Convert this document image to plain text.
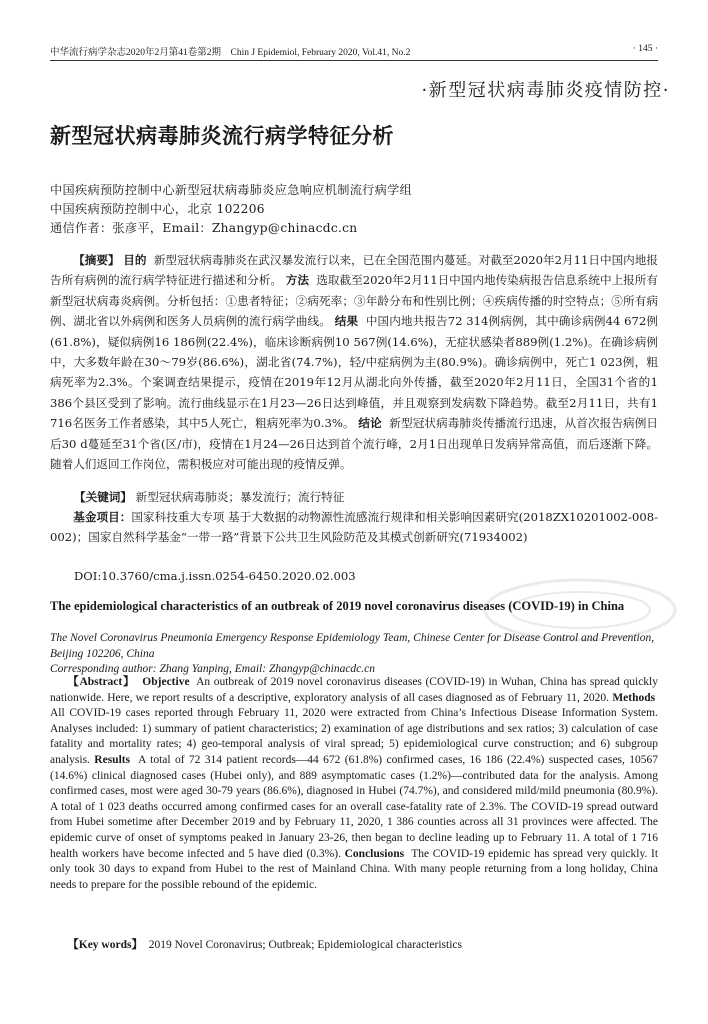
中华流行病学杂志2020年2月第41卷第2期　Chin J Epidemiol, February 2020, Vol.41, No.2	· 145 ·
·新型冠状病毒肺炎疫情防控·
新型冠状病毒肺炎流行病学特征分析
中国疾病预防控制中心新型冠状病毒肺炎应急响应机制流行病学组
中国疾病预防控制中心，北京 102206
通信作者：张彦平，Email：Zhangyp@chinacdc.cn

【摘要】 目的 新型冠状病毒肺炎在武汉暴发流行以来，已在全国范围内蔓延。对截至2020年2月11日中国内地报告所有病例的流行病学特征进行描述和分析。 方法 选取截至2020年2月11日中国内地传染病报告信息系统中上报所有新型冠状病毒炎病例。分析包括：①患者特征；②病死率；③年龄分布和性别比例；④疾病传播的时空特点；⑤所有病例、湖北省以外病例和医务人员病例的流行病学曲线。 结果 中国内地共报告72 314例病例，其中确诊病例44 672例(61.8%)，疑似病例16 186例(22.4%)，临床诊断病例10 567例(14.6%)，无症状感染者889例(1.2%)。在确诊病例中，大多数年龄在30～79岁(86.6%)，湖北省(74.7%)，轻/中症病例为主(80.9%)。确诊病例中，死亡1 023例，粗病死率为2.3%。个案调查结果提示，疫情在2019年12月从湖北向外传播，截至2020年2月11日，全国31个省的1 386个县区受到了影响。流行曲线显示在1月23—26日达到峰值，并且观察到发病数下降趋势。截至2月11日，共有1 716名医务工作者感染，其中5人死亡，粗病死率为0.3%。 结论 新型冠状病毒肺炎传播流行迅速，从首次报告病例日后30 d蔓延至31个省(区/市)，疫情在1月24—26日达到首个流行峰，2月1日出现单日发病异常高值，而后逐渐下降。随着人们返回工作岗位，需积极应对可能出现的疫情反弹。

【关键词】 新型冠状病毒肺炎；暴发流行；流行特征
基金项目：国家科技重大专项 基于大数据的动物源性流感流行规律和相关影响因素研究(2018ZX10201002-008-002)；国家自然科学基金“一带一路”背景下公共卫生风险防范及其模式创新研究(71934002)
DOI:10.3760/cma.j.issn.0254-6450.2020.02.003
The epidemiological characteristics of an outbreak of 2019 novel coronavirus diseases (COVID-19) in China
The Novel Coronavirus Pneumonia Emergency Response Epidemiology Team, Chinese Center for Disease Control and Prevention, Beijing 102206, China
Corresponding author: Zhang Yanping, Email: Zhangyp@chinacdc.cn

【Abstract】 Objective An outbreak of 2019 novel coronavirus diseases (COVID-19) in Wuhan, China has spread quickly nationwide. Here, we report results of a descriptive, exploratory analysis of all cases diagnosed as of February 11, 2020. Methods  All COVID-19 cases reported through February 11, 2020 were extracted from China’s Infectious Disease Information System. Analyses included: 1) summary of patient characteristics; 2) examination of age distributions and sex ratios; 3) calculation of case fatality and mortality rates; 4) geo-temporal analysis of viral spread; 5) epidemiological curve construction; and 6) subgroup analysis. Results A total of 72 314 patient records—44 672 (61.8%) confirmed cases, 16 186 (22.4%) suspected cases, 10567 (14.6%) clinical diagnosed cases (Hubei only), and 889 asymptomatic cases (1.2%)—contributed data for the analysis. Among confirmed cases, most were aged 30-79 years (86.6%), diagnosed in Hubei (74.7%), and considered mild/mild pneumonia (80.9%). A total of 1 023 deaths occurred among confirmed cases for an overall case-fatality rate of 2.3%. The COVID-19 spread outward from Hubei sometime after December 2019 and by February 11, 2020, 1 386 counties across all 31 provinces were affected. The epidemic curve of onset of symptoms peaked in January 23-26, then began to decline leading up to February 11. A total of 1 716 health workers have become infected and 5 have died (0.3%). Conclusions The COVID-19 epidemic has spread very quickly. It only took 30 days to expand from Hubei to the rest of Mainland China. With many people returning from a long holiday, China needs to prepare for the possible rebound of the epidemic.

【Key words】 2019 Novel Coronavirus; Outbreak; Epidemiological characteristics
